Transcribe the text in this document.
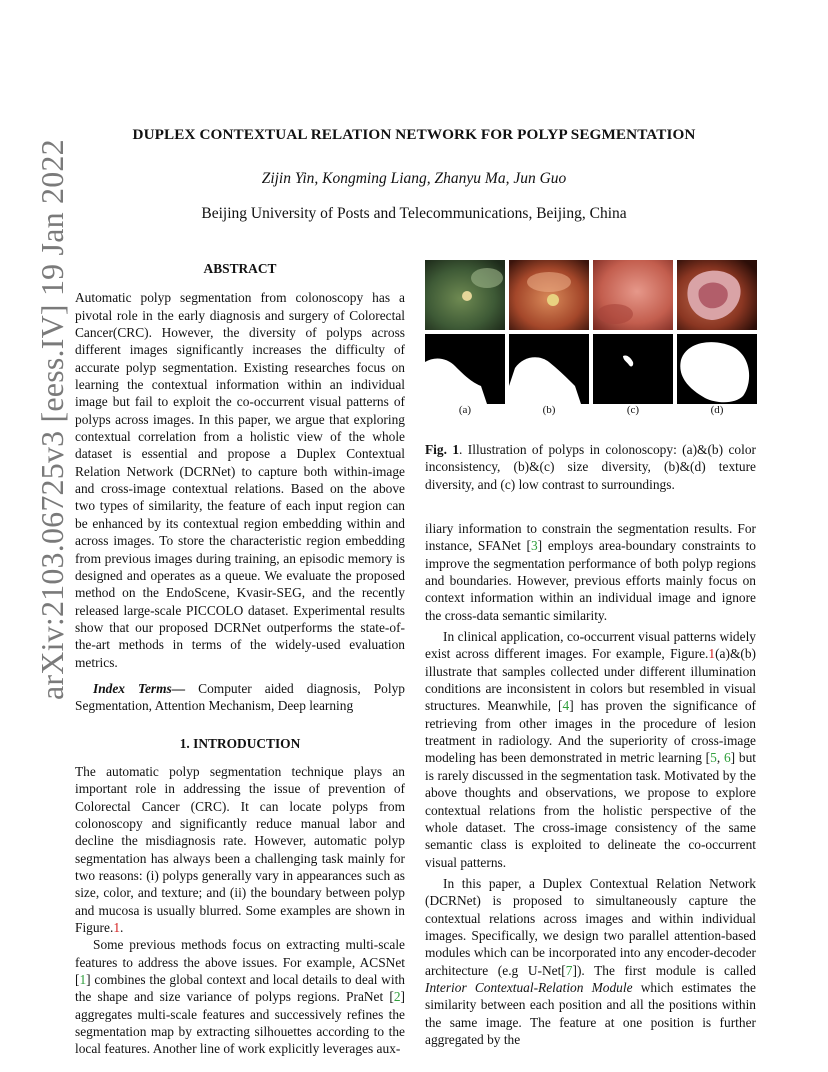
arXiv:2103.06725v3 [eess.IV] 19 Jan 2022
DUPLEX CONTEXTUAL RELATION NETWORK FOR POLYP SEGMENTATION
Zijin Yin, Kongming Liang, Zhanyu Ma, Jun Guo
Beijing University of Posts and Telecommunications, Beijing, China

ABSTRACT

Automatic polyp segmentation from colonoscopy has a pivotal role in the early diagnosis and surgery of Colorectal Cancer(CRC). However, the diversity of polyps across different images significantly increases the difficulty of accurate polyp segmentation. Existing researches focus on learning the contextual information within an individual image but fail to exploit the co-occurrent visual patterns of polyps across images. In this paper, we argue that exploring contextual correlation from a holistic view of the whole dataset is essential and propose a Duplex Contextual Relation Network (DCRNet) to capture both within-image and cross-image contextual relations. Based on the above two types of similarity, the feature of each input region can be enhanced by its contextual region embedding within and across images. To store the characteristic region embedding from previous images during training, an episodic memory is designed and operates as a queue. We evaluate the proposed method on the EndoScene, Kvasir-SEG, and the recently released large-scale PICCOLO dataset. Experimental results show that our proposed DCRNet outperforms the state-of-the-art methods in terms of the widely-used evaluation metrics.

Index Terms— Computer aided diagnosis, Polyp Segmentation, Attention Mechanism, Deep learning

1. INTRODUCTION

The automatic polyp segmentation technique plays an important role in addressing the issue of prevention of Colorectal Cancer (CRC). It can locate polyps from colonoscopy and significantly reduce manual labor and decline the misdiagnosis rate. However, automatic polyp segmentation has always been a challenging task mainly for two reasons: (i) polyps generally vary in appearances such as size, color, and texture; and (ii) the boundary between polyp and mucosa is usually blurred. Some examples are shown in Figure.1.

Some previous methods focus on extracting multi-scale features to address the above issues. For example, ACSNet [1] combines the global context and local details to deal with the shape and size variance of polyps regions. PraNet [2] aggregates multi-scale features and successively refines the segmentation map by extracting silhouettes according to the local features. Another line of work explicitly leverages aux-

(a)	(b)	(c)	(d)

Fig. 1. Illustration of polyps in colonoscopy: (a)&(b) color inconsistency, (b)&(c) size diversity, (b)&(d) texture diversity, and (c) low contrast to surroundings.

iliary information to constrain the segmentation results. For instance, SFANet [3] employs area-boundary constraints to improve the segmentation performance of both polyp regions and boundaries. However, previous efforts mainly focus on context information within an individual image and ignore the cross-data semantic similarity.

In clinical application, co-occurrent visual patterns widely exist across different images. For example, Figure.1(a)&(b) illustrate that samples collected under different illumination conditions are inconsistent in colors but resembled in visual structures. Meanwhile, [4] has proven the significance of retrieving from other images in the procedure of lesion treatment in radiology. And the superiority of cross-image modeling has been demonstrated in metric learning [5, 6] but is rarely discussed in the segmentation task. Motivated by the above thoughts and observations, we propose to explore contextual relations from the holistic perspective of the whole dataset. The cross-image consistency of the same semantic class is exploited to delineate the co-occurrent visual patterns.

In this paper, a Duplex Contextual Relation Network (DCRNet) is proposed to simultaneously capture the contextual relations across images and within individual images. Specifically, we design two parallel attention-based modules which can be incorporated into any encoder-decoder architecture (e.g U-Net[7]). The first module is called Interior Contextual-Relation Module which estimates the similarity between each position and all the positions within the same image. The feature at one position is further aggregated by the
